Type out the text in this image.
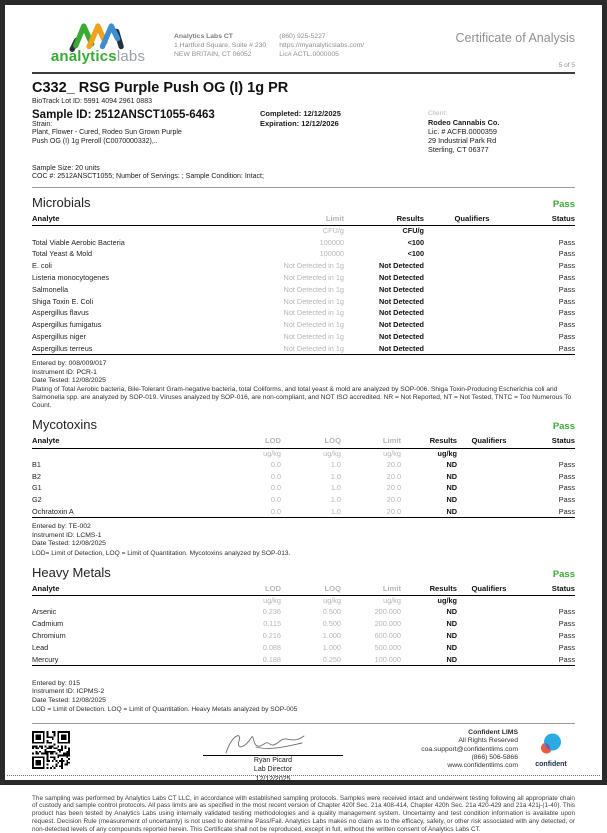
analyticslabs
Analytics Labs CT
1 Hartford Square, Suite # 230
NEW BRITAIN, CT 06052
(860) 925-5227
https://myanalyticslabs.com/
Lic# ACTL.0000005
Certificate of Analysis
5 of 5
C332_ RSG Purple Push OG (I) 1g PR
BioTrack Lot ID: 5991 4094 2961 0883
Sample ID: 2512ANSCT1055-6463
Strain:
Plant, Flower - Cured, Rodeo Sun Grown Purple
Push OG (I) 1g Preroll (C0070000332),..
Completed: 12/12/2025
Expiration: 12/12/2026
Client:
Rodeo Cannabis Co.
Lic. # ACFB.0000359
29 Industrial Park Rd
Sterling, CT 06377
Sample Size: 20 units
COC #: 2512ANSCT1055; Number of Servings: ; Sample Condition: Intact;
Microbials	Pass
Analyte	Limit	Results	Qualifiers	Status
	CFU/g	CFU/g		
Total Viable Aerobic Bacteria	100000	<100		Pass
Total Yeast & Mold	100000	<100		Pass
E. coli	Not Detected in 1g	Not Detected		Pass
Listeria monocytogenes	Not Detected in 1g	Not Detected		Pass
Salmonella	Not Detected in 1g	Not Detected		Pass
Shiga Toxin E. Coli	Not Detected in 1g	Not Detected		Pass
Aspergillus flavus	Not Detected in 1g	Not Detected		Pass
Aspergillus fumigatus	Not Detected in 1g	Not Detected		Pass
Aspergillus niger	Not Detected in 1g	Not Detected		Pass
Aspergillus terreus	Not Detected in 1g	Not Detected		Pass
Entered by: 008/009/017
Instrument ID: PCR-1
Date Tested: 12/08/2025
Plating of Total Aerobic bacteria, Bile-Tolerant Gram-negative bacteria, total Coliforms, and total yeast & mold are analyzed by SOP-006. Shiga Toxin-Producing Escherichia coli and Salmonella spp. are analyzed by SOP-019. Viruses analyzed by SOP-016, are non-compliant, and NOT ISO accredited. NR = Not Reported, NT = Not Tested, TNTC = Too Numerous To Count.
Mycotoxins	Pass
Analyte	LOD	LOQ	Limit	Results	Qualifiers	Status
	ug/kg	ug/kg	ug/kg	ug/kg		
B1	0.0	1.0	20.0	ND		Pass
B2	0.0	1.0	20.0	ND		Pass
G1	0.0	1.0	20.0	ND		Pass
G2	0.0	1.0	20.0	ND		Pass
Ochratoxin A	0.0	1.0	20.0	ND		Pass
Entered by: TE-002
Instrument ID: LCMS-1
Date Tested: 12/08/2025
LOD= Limit of Detection, LOQ = Limit of Quantitation. Mycotoxins analyzed by SOP-013.
Heavy Metals	Pass
Analyte	LOD	LOQ	Limit	Results	Qualifiers	Status
	ug/kg	ug/kg	ug/kg	ug/kg		
Arsenic	0.236	0.500	200.000	ND		Pass
Cadmium	0.115	0.500	200.000	ND		Pass
Chromium	0.216	1.000	600.000	ND		Pass
Lead	0.088	1.000	500.000	ND		Pass
Mercury	0.188	0.250	100.000	ND		Pass
Entered by: 015
Instrument ID: ICPMS-2
Date Tested: 12/08/2025
LOD = Limit of Detection. LOQ = Limit of Quantitation. Heavy Metals analyzed by SOP-005
Ryan Picard
Lab Director
12/12/2025
Confident LIMS
All Rights Reserved
coa.support@confidentlims.com
(866) 506-5866
www.confidentlims.com	confident
The sampling was performed by Analytics Labs CT LLC, in accordance with established sampling protocols. Samples were received intact and underwent testing following all appropriate chain of custody and sample control protocols. All pass limits are as specified in the most recent version of Chapter 420f Sec. 21a 408-414, Chapter 420h Sec. 21a 420-429 and 21a 421j-(1-40). This product has been tested by Analytics Labs using internally validated testing methodologies and a quality management system. Uncertainty and test condition information is available upon request. Decision Rule (measurement of uncertainty) is not used to determine Pass/Fail. Analytics Labs makes no claim as to the efficacy, safety, or other risk associated with any detected, or non-detected levels of any compounds reported herein. This Certificate shall not be reproduced, except in full, without the written consent of Analytics Labs CT.
